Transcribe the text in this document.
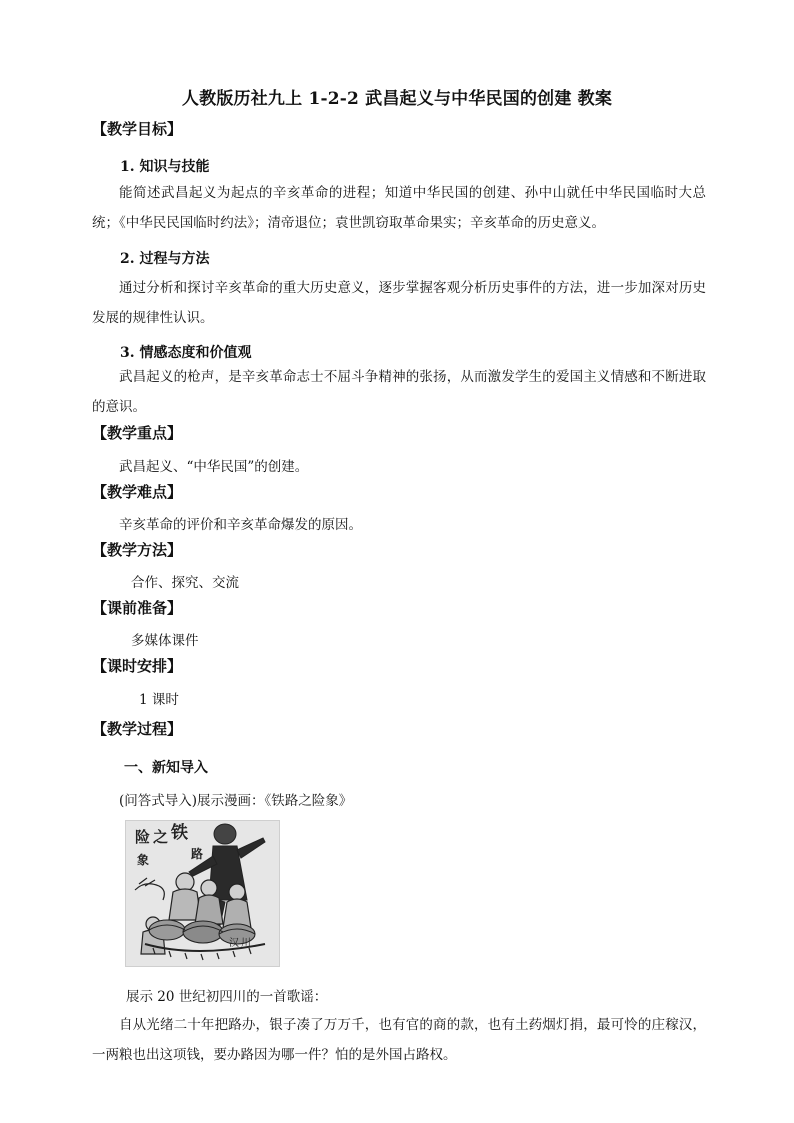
人教版历社九上 1-2-2 武昌起义与中华民国的创建 教案
【教学目标】
1. 知识与技能
能简述武昌起义为起点的辛亥革命的进程；知道中华民国的创建、孙中山就任中华民国临时大总统；《中华民民国临时约法》；清帝退位；袁世凯窃取革命果实；辛亥革命的历史意义。
2. 过程与方法
通过分析和探讨辛亥革命的重大历史意义，逐步掌握客观分析历史事件的方法，进一步加深对历史发展的规律性认识。
3. 情感态度和价值观
武昌起义的枪声，是辛亥革命志士不屈斗争精神的张扬，从而激发学生的爱国主义情感和不断进取的意识。
【教学重点】
武昌起义、“中华民国”的创建。
【教学难点】
辛亥革命的评价和辛亥革命爆发的原因。
【教学方法】
合作、探究、交流
【课前准备】
多媒体课件
【课时安排】
1 课时
【教学过程】
一、新知导入
(问答式导入)展示漫画：《铁路之险象》
险 之 铁
路
象
汉 川
展示 20 世纪初四川的一首歌谣：
自从光绪二十年把路办，银子凑了万万千，也有官的商的款，也有土药烟灯捐，最可怜的庄稼汉，一两粮也出这项钱，要办路因为哪一件？怕的是外国占路权。
